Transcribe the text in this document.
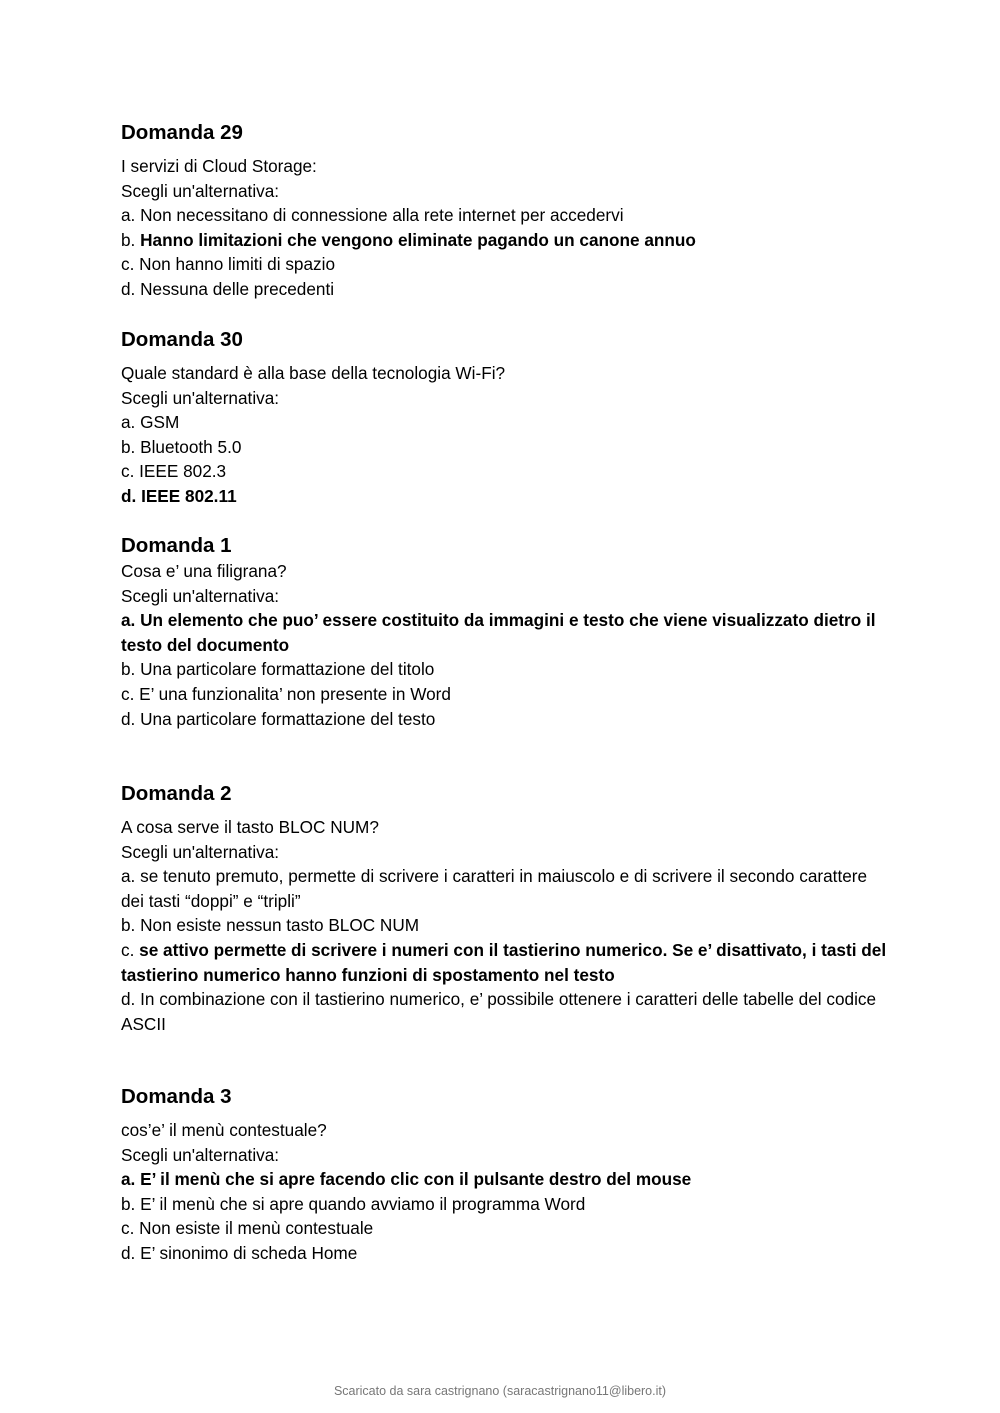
Domanda 29

I servizi di Cloud Storage:

Scegli un'alternativa:

a. Non necessitano di connessione alla rete internet per accedervi

b. Hanno limitazioni che vengono eliminate pagando un canone annuo

c. Non hanno limiti di spazio

d. Nessuna delle precedenti

Domanda 30

Quale standard è alla base della tecnologia Wi-Fi?

Scegli un'alternativa:

a. GSM

b. Bluetooth 5.0

c. IEEE 802.3

d. IEEE 802.11

Domanda 1

Cosa e’ una filigrana?

Scegli un'alternativa:

a. Un elemento che puo’ essere costituito da immagini e testo che viene visualizzato dietro il testo del documento

b. Una particolare formattazione del titolo

c. E’ una funzionalita’ non presente in Word

d. Una particolare formattazione del testo

Domanda 2

A cosa serve il tasto BLOC NUM?

Scegli un'alternativa:

a. se tenuto premuto, permette di scrivere i caratteri in maiuscolo e di scrivere il secondo carattere dei tasti “doppi” e “tripli”

b. Non esiste nessun tasto BLOC NUM

c. se attivo permette di scrivere i numeri con il tastierino numerico. Se e’ disattivato, i tasti del tastierino numerico hanno funzioni di spostamento nel testo

d. In combinazione con il tastierino numerico, e’ possibile ottenere i caratteri delle tabelle del codice ASCII

Domanda 3

cos’e’ il menù contestuale?

Scegli un'alternativa:

a. E’ il menù che si apre facendo clic con il pulsante destro del mouse

b. E’ il menù che si apre quando avviamo il programma Word

c. Non esiste il menù contestuale

d. E’ sinonimo di scheda Home

Scaricato da sara castrignano (saracastrignano11@libero.it)
